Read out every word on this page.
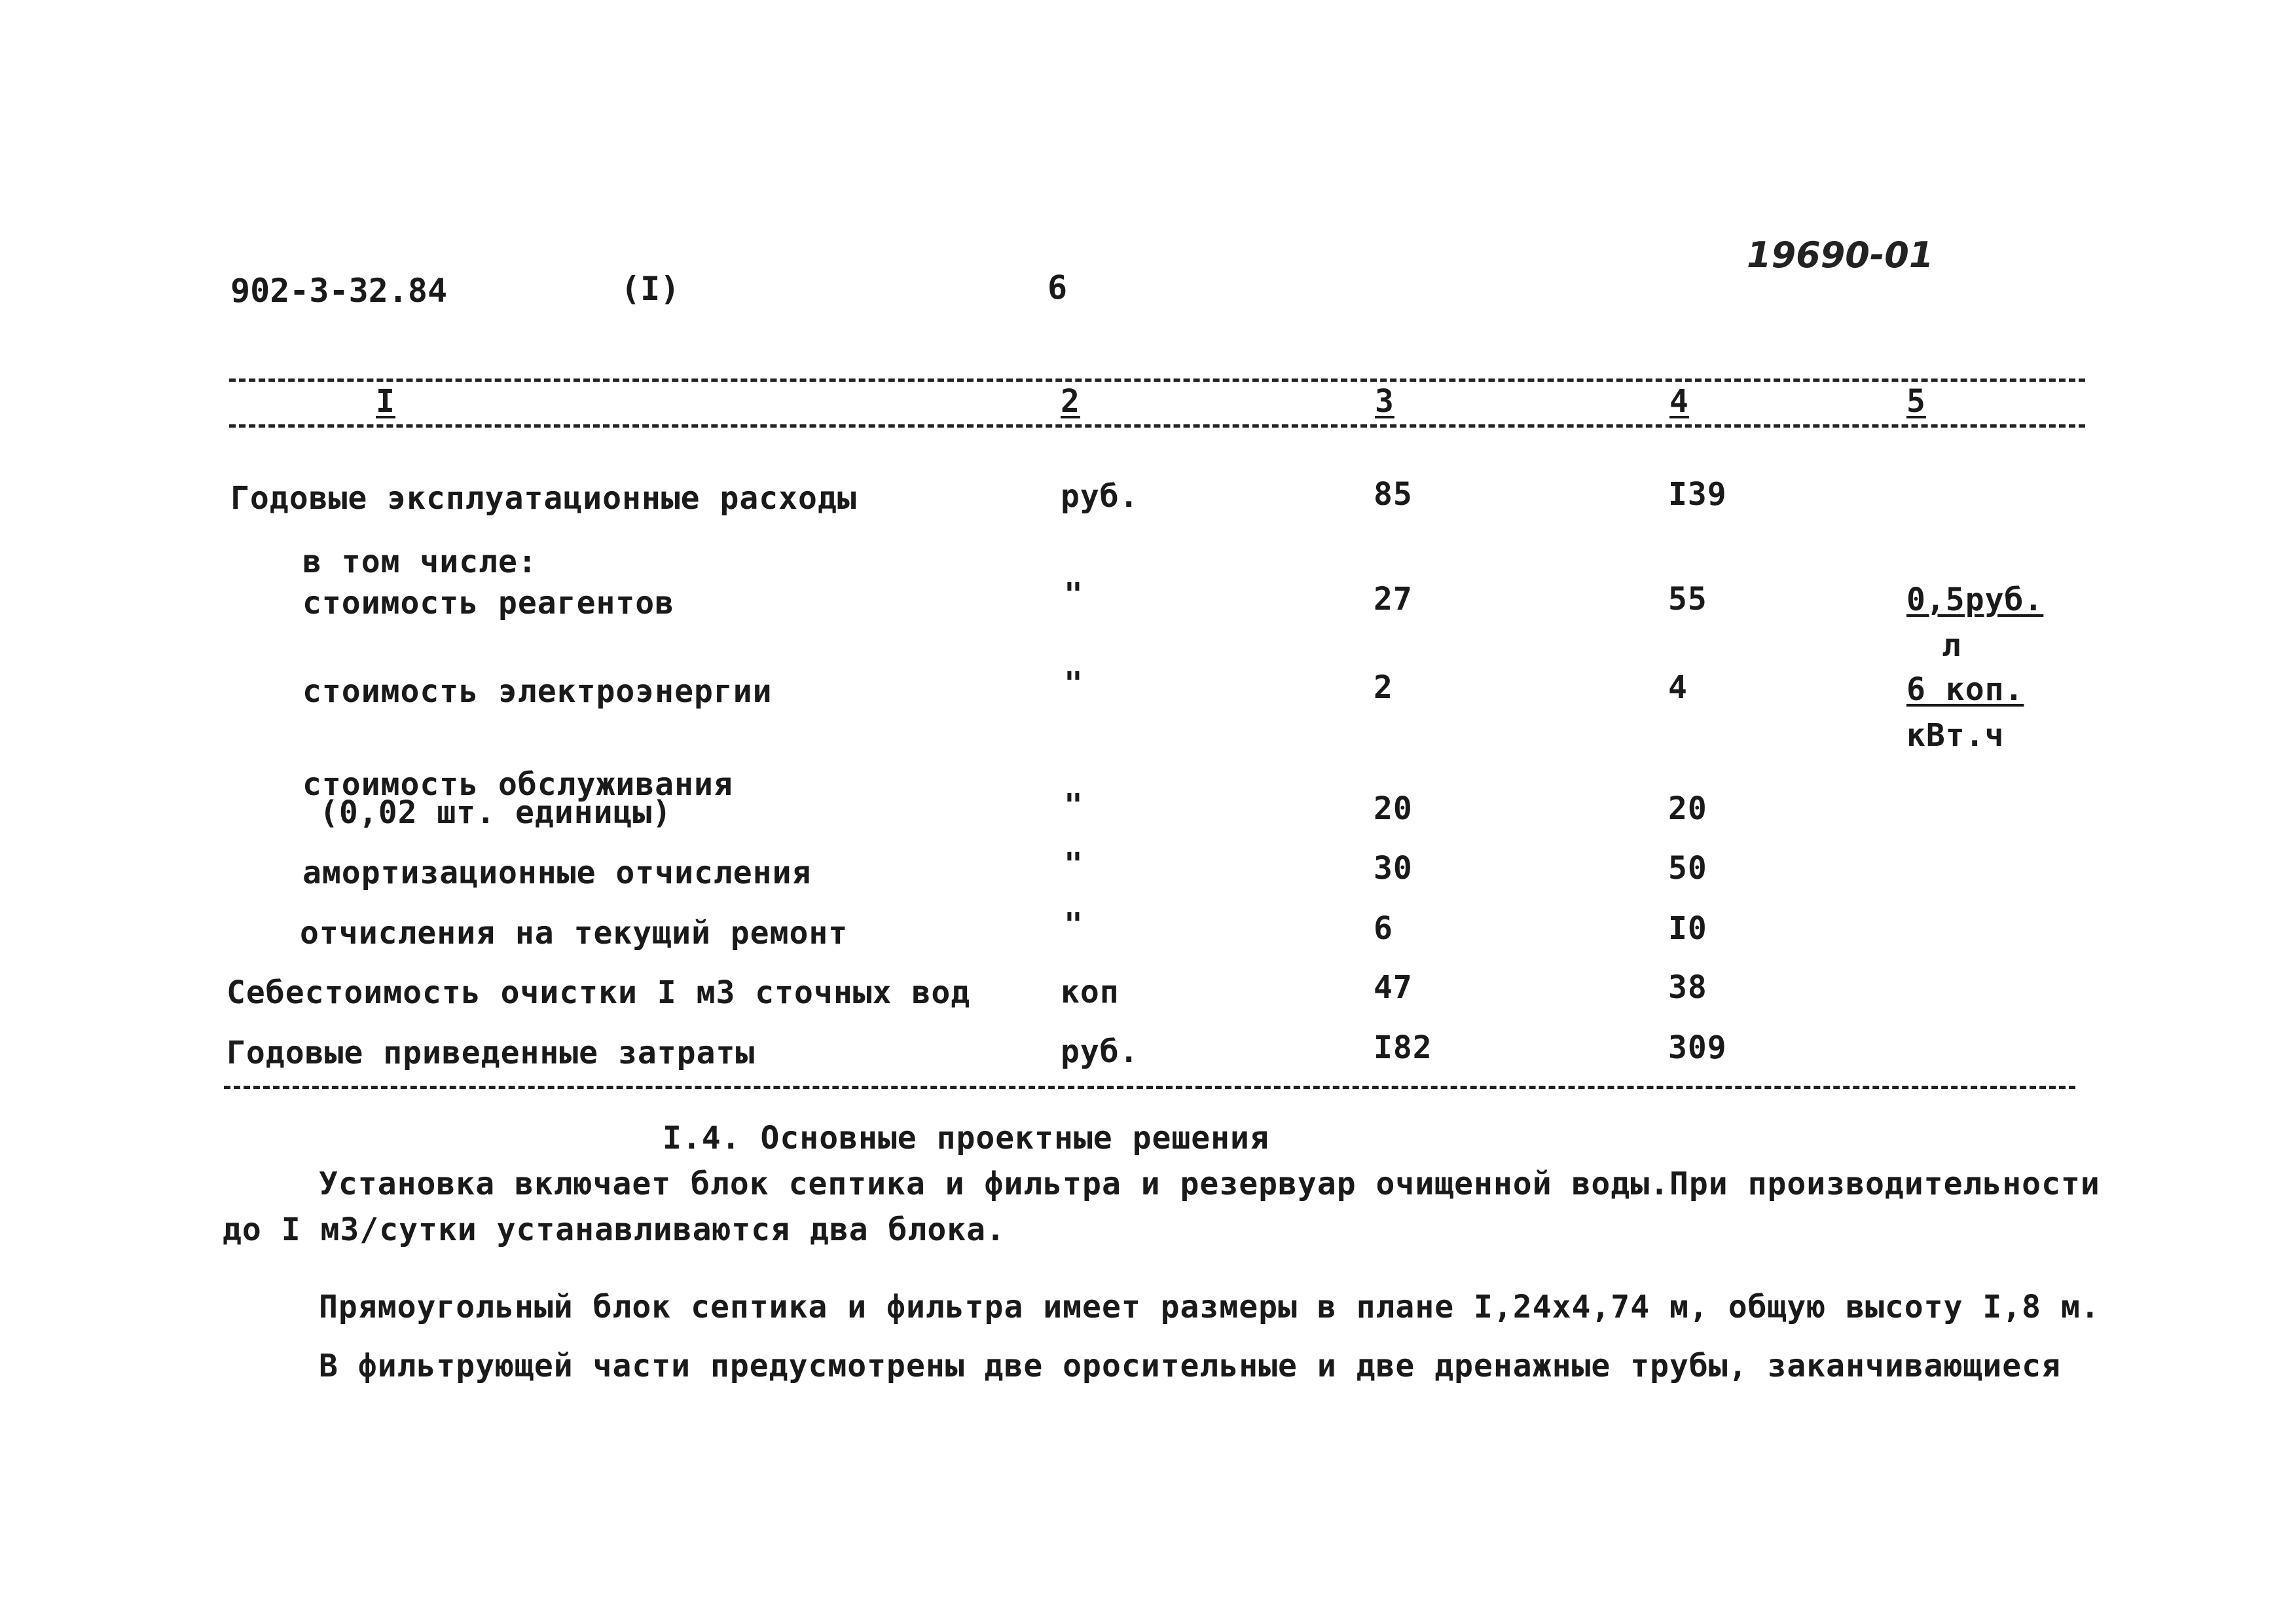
902-3-32.84	(I)	6
19690-01
I	2	3	4	5
Годовые эксплуатационные расходы	руб.	85	I39
в том числе:
стоимость реагентов	"	27	55	0,5руб.
л
стоимость электроэнергии	"	2	4	6 коп.
кВт.ч
стоимость обслуживания
(0,02 шт. единицы)	"	20	20
амортизационные отчисления	"	30	50
отчисления на текущий ремонт	"	6	I0
Себестоимость очистки I м3 сточных вод	коп	47	38
Годовые приведенные затраты	руб.	I82	309
I.4. Основные проектные решения
Установка включает блок септика и фильтра и резервуар очищенной воды.При производительности
до I м3/сутки устанавливаются два блока.
Прямоугольный блок септика и фильтра имеет размеры в плане I,24x4,74 м, общую высоту I,8 м.
В фильтрующей части предусмотрены две оросительные и две дренажные трубы, заканчивающиеся
